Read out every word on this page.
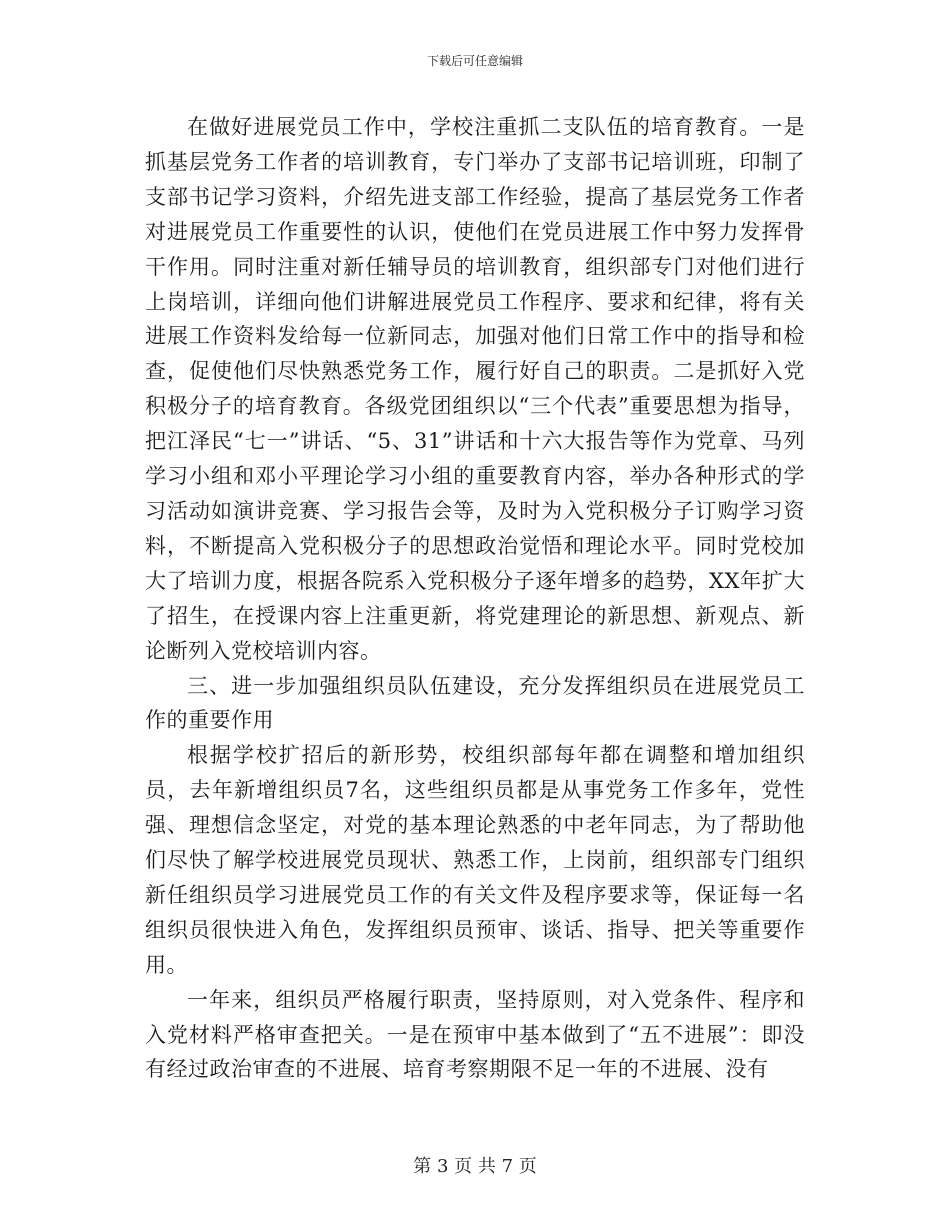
下载后可任意编辑

在做好进展党员工作中，学校注重抓二支队伍的培育教育。一是抓基层党务工作者的培训教育，专门举办了支部书记培训班，印制了支部书记学习资料，介绍先进支部工作经验，提高了基层党务工作者对进展党员工作重要性的认识，使他们在党员进展工作中努力发挥骨干作用。同时注重对新任辅导员的培训教育，组织部专门对他们进行上岗培训，详细向他们讲解进展党员工作程序、要求和纪律，将有关进展工作资料发给每一位新同志，加强对他们日常工作中的指导和检查，促使他们尽快熟悉党务工作，履行好自己的职责。二是抓好入党积极分子的培育教育。各级党团组织以“三个代表”重要思想为指导，把江泽民“七一”讲话、“5、31”讲话和十六大报告等作为党章、马列学习小组和邓小平理论学习小组的重要教育内容，举办各种形式的学习活动如演讲竞赛、学习报告会等，及时为入党积极分子订购学习资料，不断提高入党积极分子的思想政治觉悟和理论水平。同时党校加大了培训力度，根据各院系入党积极分子逐年增多的趋势，XX年扩大了招生，在授课内容上注重更新，将党建理论的新思想、新观点、新论断列入党校培训内容。

三、进一步加强组织员队伍建设，充分发挥组织员在进展党员工作的重要作用

根据学校扩招后的新形势，校组织部每年都在调整和增加组织员，去年新增组织员7名，这些组织员都是从事党务工作多年，党性强、理想信念坚定，对党的基本理论熟悉的中老年同志，为了帮助他们尽快了解学校进展党员现状、熟悉工作，上岗前，组织部专门组织新任组织员学习进展党员工作的有关文件及程序要求等，保证每一名组织员很快进入角色，发挥组织员预审、谈话、指导、把关等重要作用。

一年来，组织员严格履行职责，坚持原则，对入党条件、程序和入党材料严格审查把关。一是在预审中基本做到了“五不进展”：即没有经过政治审查的不进展、培育考察期限不足一年的不进展、没有

第 3 页 共 7 页
